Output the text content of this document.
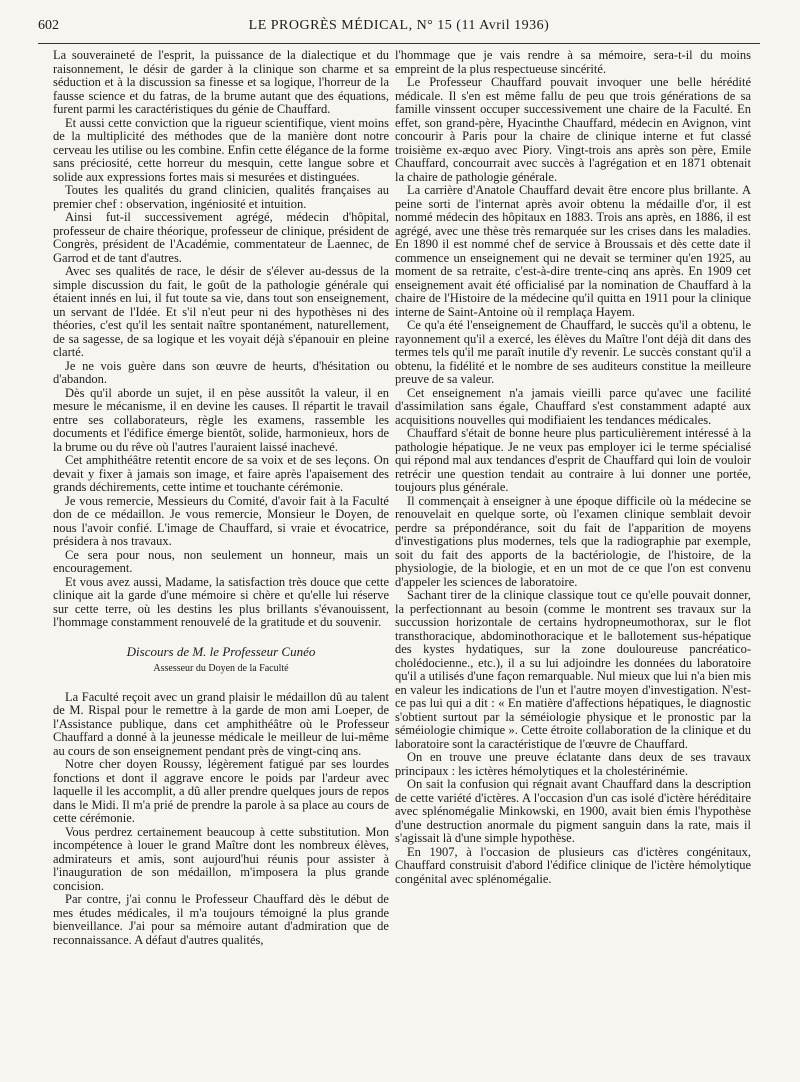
602	LE PROGRÈS MÉDICAL, N° 15 (11 Avril 1936)

La souveraineté de l'esprit, la puissance de la dialectique et du raisonnement, le désir de garder à la clinique son charme et sa séduction et à la discussion sa finesse et sa logique, l'horreur de la fausse science et du fatras, de la brume autant que des équations, furent parmi les caractéristiques du génie de Chauffard.

Et aussi cette conviction que la rigueur scientifique, vient moins de la multiplicité des méthodes que de la manière dont notre cerveau les utilise ou les combine. Enfin cette élégance de la forme sans préciosité, cette horreur du mesquin, cette langue sobre et solide aux expressions fortes mais si mesurées et distinguées.

Toutes les qualités du grand clinicien, qualités françaises au premier chef : observation, ingéniosité et intuition.

Ainsi fut-il successivement agrégé, médecin d'hôpital, professeur de chaire théorique, professeur de clinique, président de Congrès, président de l'Académie, commentateur de Laennec, de Garrod et de tant d'autres.

Avec ses qualités de race, le désir de s'élever au-dessus de la simple discussion du fait, le goût de la pathologie générale qui étaient innés en lui, il fut toute sa vie, dans tout son enseignement, un servant de l'Idée. Et s'il n'eut peur ni des hypothèses ni des théories, c'est qu'il les sentait naître spontanément, naturellement, de sa sagesse, de sa logique et les voyait déjà s'épanouir en pleine clarté.

Je ne vois guère dans son œuvre de heurts, d'hésitation ou d'abandon.

Dès qu'il aborde un sujet, il en pèse aussitôt la valeur, il en mesure le mécanisme, il en devine les causes. Il répartit le travail entre ses collaborateurs, règle les examens, rassemble les documents et l'édifice émerge bientôt, solide, harmonieux, hors de la brume ou du rêve où l'autres l'auraient laissé inachevé.

Cet amphithéâtre retentit encore de sa voix et de ses leçons. On devait y fixer à jamais son image, et faire après l'apaisement des grands déchirements, cette intime et touchante cérémonie.

Je vous remercie, Messieurs du Comité, d'avoir fait à la Faculté don de ce médaillon. Je vous remercie, Monsieur le Doyen, de nous l'avoir confié. L'image de Chauffard, si vraie et évocatrice, présidera à nos travaux.

Ce sera pour nous, non seulement un honneur, mais un encouragement.

Et vous avez aussi, Madame, la satisfaction très douce que cette clinique ait la garde d'une mémoire si chère et qu'elle lui réserve sur cette terre, où les destins les plus brillants s'évanouissent, l'hommage constamment renouvelé de la gratitude et du souvenir.

Discours de M. le Professeur Cunéo
Assesseur du Doyen de la Faculté

La Faculté reçoit avec un grand plaisir le médaillon dû au talent de M. Rispal pour le remettre à la garde de mon ami Loeper, de l'Assistance publique, dans cet amphithéâtre où le Professeur Chauffard a donné à la jeunesse médicale le meilleur de lui-même au cours de son enseignement pendant près de vingt-cinq ans.

Notre cher doyen Roussy, légèrement fatigué par ses lourdes fonctions et dont il aggrave encore le poids par l'ardeur avec laquelle il les accomplit, a dû aller prendre quelques jours de repos dans le Midi. Il m'a prié de prendre la parole à sa place au cours de cette cérémonie.

Vous perdrez certainement beaucoup à cette substitution. Mon incompétence à louer le grand Maître dont les nombreux élèves, admirateurs et amis, sont aujourd'hui réunis pour assister à l'inauguration de son médaillon, m'imposera la plus grande concision.

Par contre, j'ai connu le Professeur Chauffard dès le début de mes études médicales, il m'a toujours témoigné la plus grande bienveillance. J'ai pour sa mémoire autant d'admiration que de reconnaissance. A défaut d'autres qualités,

l'hommage que je vais rendre à sa mémoire, sera-t-il du moins empreint de la plus respectueuse sincérité.

Le Professeur Chauffard pouvait invoquer une belle hérédité médicale. Il s'en est même fallu de peu que trois générations de sa famille vinssent occuper successivement une chaire de la Faculté. En effet, son grand-père, Hyacinthe Chauffard, médecin en Avignon, vint concourir à Paris pour la chaire de clinique interne et fut classé troisième ex-æquo avec Piory. Vingt-trois ans après son père, Emile Chauffard, concourrait avec succès à l'agrégation et en 1871 obtenait la chaire de pathologie générale.

La carrière d'Anatole Chauffard devait être encore plus brillante. A peine sorti de l'internat après avoir obtenu la médaille d'or, il est nommé médecin des hôpitaux en 1883. Trois ans après, en 1886, il est agrégé, avec une thèse très remarquée sur les crises dans les maladies. En 1890 il est nommé chef de service à Broussais et dès cette date il commence un enseignement qui ne devait se terminer qu'en 1925, au moment de sa retraite, c'est-à-dire trente-cinq ans après. En 1909 cet enseignement avait été officialisé par la nomination de Chauffard à la chaire de l'Histoire de la médecine qu'il quitta en 1911 pour la clinique interne de Saint-Antoine où il remplaça Hayem.

Ce qu'a été l'enseignement de Chauffard, le succès qu'il a obtenu, le rayonnement qu'il a exercé, les élèves du Maître l'ont déjà dit dans des termes tels qu'il me paraît inutile d'y revenir. Le succès constant qu'il a obtenu, la fidélité et le nombre de ses auditeurs constitue la meilleure preuve de sa valeur.

Cet enseignement n'a jamais vieilli parce qu'avec une facilité d'assimilation sans égale, Chauffard s'est constamment adapté aux acquisitions nouvelles qui modifiaient les tendances médicales.

Chauffard s'était de bonne heure plus particulièrement intéressé à la pathologie hépatique. Je ne veux pas employer ici le terme spécialisé qui répond mal aux tendances d'esprit de Chauffard qui loin de vouloir retrécir une question tendait au contraire à lui donner une portée, toujours plus générale.

Il commençait à enseigner à une époque difficile où la médecine se renouvelait en quelque sorte, où l'examen clinique semblait devoir perdre sa prépondérance, soit du fait de l'apparition de moyens d'investigations plus modernes, tels que la radiographie par exemple, soit du fait des apports de la bactériologie, de l'histoire, de la physiologie, de la biologie, et en un mot de ce que l'on est convenu d'appeler les sciences de laboratoire.

Sachant tirer de la clinique classique tout ce qu'elle pouvait donner, la perfectionnant au besoin (comme le montrent ses travaux sur la succussion horizontale de certains hydropneumothorax, sur le flot transthoracique, abdominothoracique et le ballotement sus-hépatique des kystes hydatiques, sur la zone douloureuse pancréatico-cholédocienne., etc.), il a su lui adjoindre les données du laboratoire qu'il a utilisés d'une façon remarquable. Nul mieux que lui n'a bien mis en valeur les indications de l'un et l'autre moyen d'investigation. N'est-ce pas lui qui a dit : « En matière d'affections hépatiques, le diagnostic s'obtient surtout par la séméiologie physique et le pronostic par la séméiologie chimique ». Cette étroite collaboration de la clinique et du laboratoire sont la caractéristique de l'œuvre de Chauffard.

On en trouve une preuve éclatante dans deux de ses travaux principaux : les ictères hémolytiques et la cholestérinémie.

On sait la confusion qui régnait avant Chauffard dans la description de cette variété d'ictères. A l'occasion d'un cas isolé d'ictère héréditaire avec splénomégalie Minkowski, en 1900, avait bien émis l'hypothèse d'une destruction anormale du pigment sanguin dans la rate, mais il s'agissait là d'une simple hypothèse.

En 1907, à l'occasion de plusieurs cas d'ictères congénitaux, Chauffard construisit d'abord l'édifice clinique de l'ictère hémolytique congénital avec splénomégalie.
